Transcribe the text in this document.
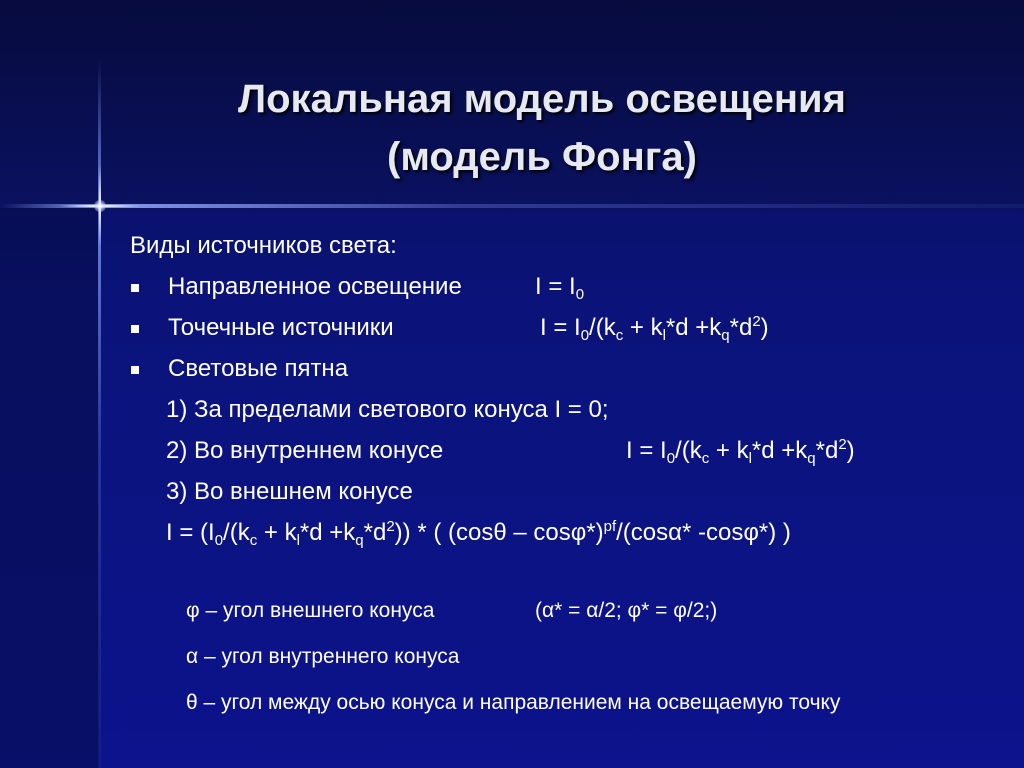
Локальная модель освещения
(модель Фонга)
Виды источников света:
Направленное освещение	$I = I_0$
Точечные источники	$I = I_0/(k_c + k_l*d +k_q*d^2)$
Световые пятна
1) За пределами светового конуса I = 0;
2) Во внутреннем конусе	$I = I_0/(k_c + k_l*d +k_q*d^2)$
3) Во внешнем конусе
$I = (I_0/(k_c + k_l*d +k_q*d^2))$ * ( (cosθ – cosφ*)$^{pf}$/(cosα* -cosφ*) )
φ – угол внешнего конуса	(α* = α/2; φ* = φ/2;)
α – угол внутреннего конуса
θ – угол между осью конуса и направлением на освещаемую точку
